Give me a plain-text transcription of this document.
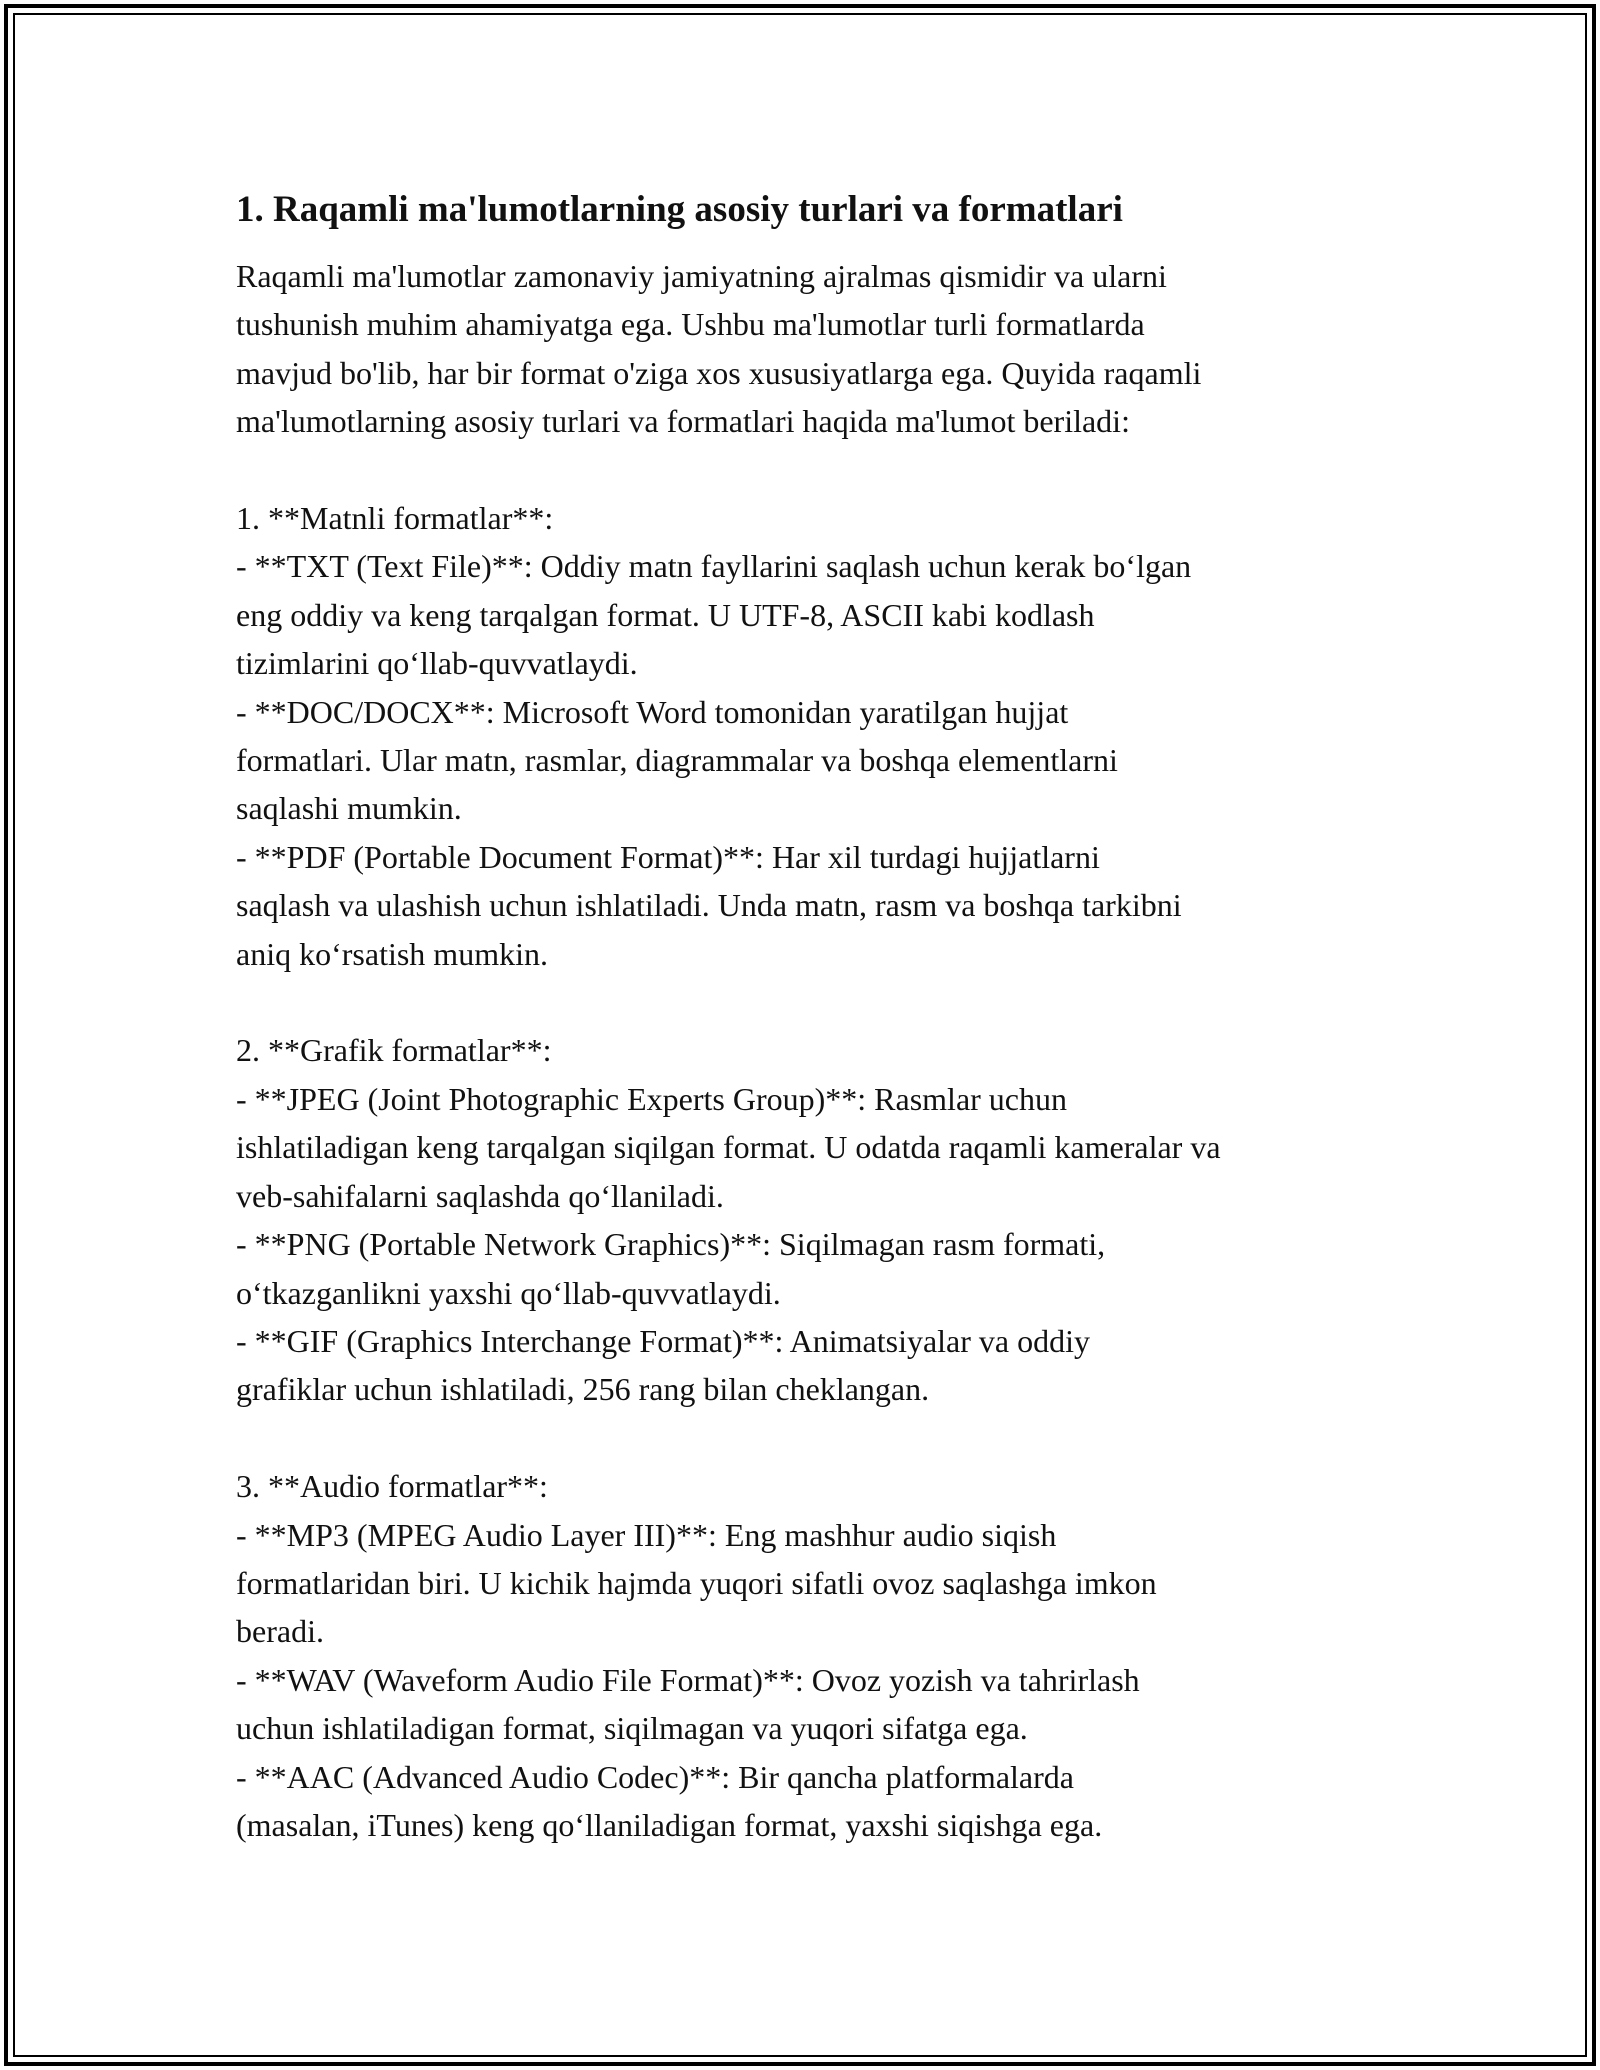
1. Raqamli ma'lumotlarning asosiy turlari va formatlari
Raqamli ma'lumotlar zamonaviy jamiyatning ajralmas qismidir va ularni
tushunish muhim ahamiyatga ega. Ushbu ma'lumotlar turli formatlarda
mavjud bo'lib, har bir format o'ziga xos xususiyatlarga ega. Quyida raqamli
ma'lumotlarning asosiy turlari va formatlari haqida ma'lumot beriladi:
1. **Matnli formatlar**:
- **TXT (Text File)**: Oddiy matn fayllarini saqlash uchun kerak bo‘lgan
eng oddiy va keng tarqalgan format. U UTF-8, ASCII kabi kodlash
tizimlarini qo‘llab-quvvatlaydi.
- **DOC/DOCX**: Microsoft Word tomonidan yaratilgan hujjat
formatlari. Ular matn, rasmlar, diagrammalar va boshqa elementlarni
saqlashi mumkin.
- **PDF (Portable Document Format)**: Har xil turdagi hujjatlarni
saqlash va ulashish uchun ishlatiladi. Unda matn, rasm va boshqa tarkibni
aniq ko‘rsatish mumkin.
2. **Grafik formatlar**:
- **JPEG (Joint Photographic Experts Group)**: Rasmlar uchun
ishlatiladigan keng tarqalgan siqilgan format. U odatda raqamli kameralar va
veb-sahifalarni saqlashda qo‘llaniladi.
- **PNG (Portable Network Graphics)**: Siqilmagan rasm formati,
o‘tkazganlikni yaxshi qo‘llab-quvvatlaydi.
- **GIF (Graphics Interchange Format)**: Animatsiyalar va oddiy
grafiklar uchun ishlatiladi, 256 rang bilan cheklangan.
3. **Audio formatlar**:
- **MP3 (MPEG Audio Layer III)**: Eng mashhur audio siqish
formatlaridan biri. U kichik hajmda yuqori sifatli ovoz saqlashga imkon
beradi.
- **WAV (Waveform Audio File Format)**: Ovoz yozish va tahrirlash
uchun ishlatiladigan format, siqilmagan va yuqori sifatga ega.
- **AAC (Advanced Audio Codec)**: Bir qancha platformalarda
(masalan, iTunes) keng qo‘llaniladigan format, yaxshi siqishga ega.
